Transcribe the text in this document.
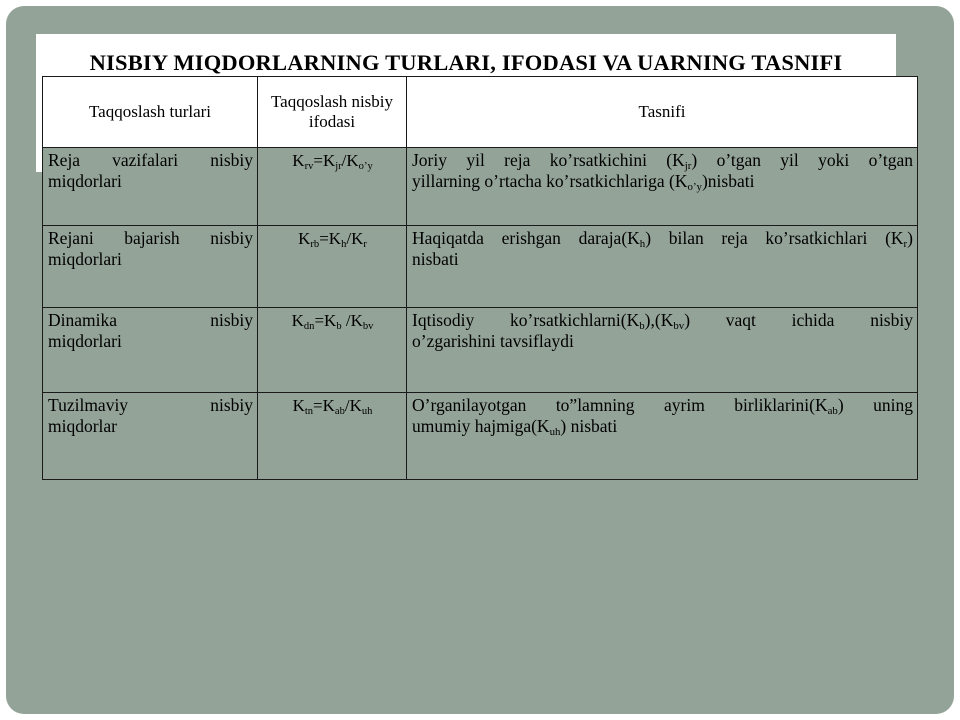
NISBIY MIQDORLARNING TURLARI, IFODASI VA UARNING TASNIFI
Taqqoslash turlari	Taqqoslash nisbiy ifodasi	Tasnifi
Reja vazifalari nisbiy
miqdorlari	$K_{rv}=K_{jr}/K_{o’y}$	Joriy yil reja ko’rsatkichini $(K_{jr})$ o’tgan yil yoki o’tgan
yillarning o’rtacha ko’rsatkichlariga $(K_{o’y})nisbati$

Rejani bajarish nisbiy
miqdorlari	$K_{rb}=K_h/K_r$	Haqiqatda erishgan $daraja(K_h)$ bilan reja ko’rsatkichlari $(K_r)$
nisbati

Dinamika nisbiy
miqdorlari	$K_{dn}=K_b$ $/K_{bv}$	Iqtisodiy $ko’rsatkichlarni(K_b),(K_{bv})$ vaqt ichida nisbiy
o’zgarishini tavsiflaydi

Tuzilmaviy nisbiy
miqdorlar	$K_{tn}=K_{ab}/K_{uh}$	O’rganilayotgan to”lamning ayrim $birliklarini(K_{ab})$ uning
umumiy $hajmiga(K_{uh})$ nisbati
